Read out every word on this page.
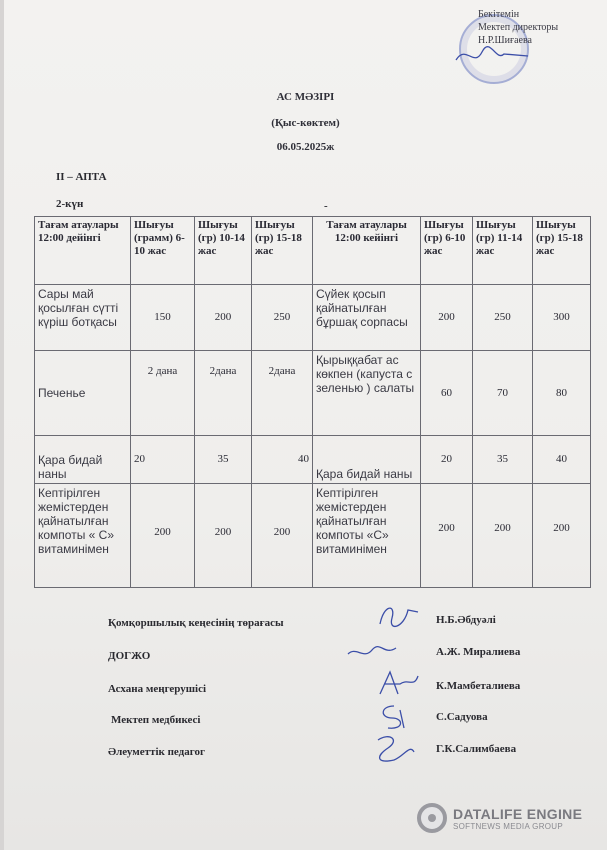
Бекітемін
Мектеп директоры
Н.Р.Шиғаева
АС МӘЗІРІ
(Қыс-көктем)
06.05.2025ж
II – АПТА
2-күн	-
Тағам атаулары 12:00 дейінгі	Шығуы (грамм) 6-10 жас	Шығуы (гр) 10-14 жас	Шығуы (гр) 15-18 жас	Тағам атаулары 12:00 кейінгі	Шығуы (гр) 6-10 жас	Шығуы (гр) 11-14 жас	Шығуы (гр) 15-18 жас
Сары май қосылған сүтті күріш ботқасы	150	200	250	Сүйек қосып қайнатылған бұршақ сорпасы	200	250	300
Печенье	2 дана	2дана	2дана	Қырыққабат ас көкпен (капуста с зеленью ) салаты	60	70	80
Қара бидай наны	20	35	40	Қара бидай наны	20	35	40
Кептірілген жемістерден қайнатылған компоты « С» витаминімен	200	200	200	Кептірілген жемістерден қайнатылған компоты «С» витаминімен	200	200	200
Қомқоршылық кеңесінің төрағасы	Н.Б.Әбдуәлі
ДОГЖО	А.Ж. Миралиева
Асхана меңгерушісі	К.Мамбеталиева
Мектеп медбикесі	С.Садуова
Әлеуметтік педагог	Г.К.Салимбаева
DATALIFE ENGINE
SOFTNEWS MEDIA GROUP
